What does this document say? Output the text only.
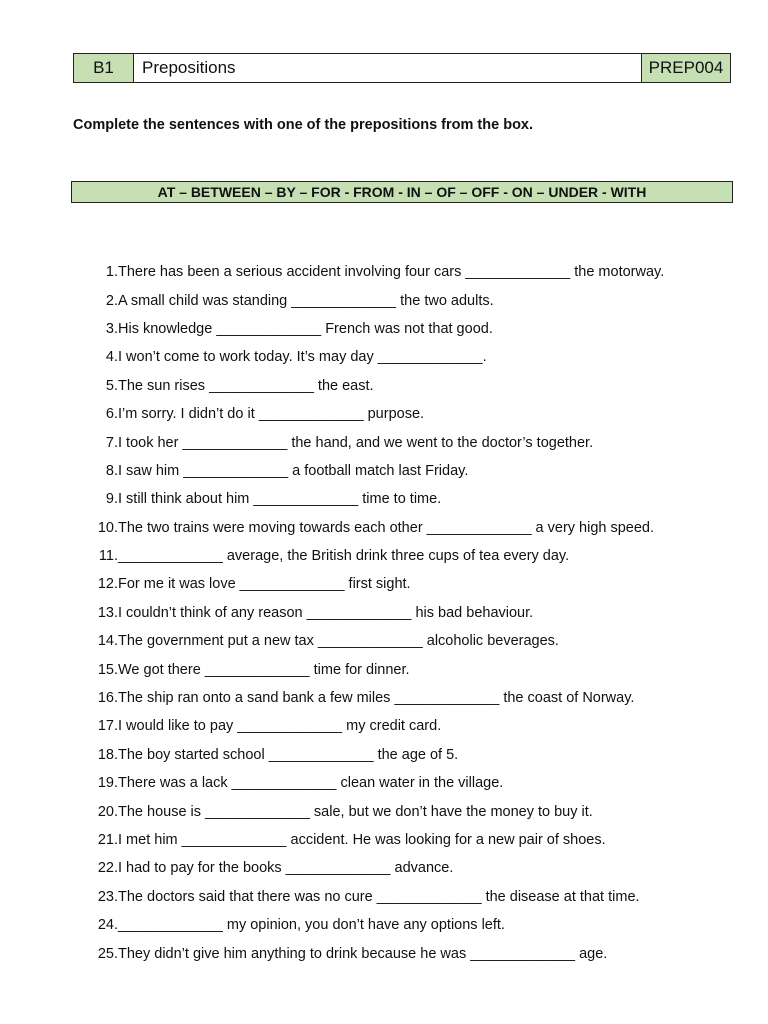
B1	Prepositions	PREP004
Complete the sentences with one of the prepositions from the box.
AT – BETWEEN – BY – FOR - FROM - IN – OF – OFF - ON – UNDER - WITH
1. There has been a serious accident involving four cars _____________ the motorway.
2. A small child was standing _____________ the two adults.
3. His knowledge _____________ French was not that good.
4. I won’t come to work today. It’s may day _____________.
5. The sun rises _____________ the east.
6. I’m sorry. I didn’t do it _____________ purpose.
7. I took her _____________ the hand, and we went to the doctor’s together.
8. I saw him _____________ a football match last Friday.
9. I still think about him _____________ time to time.
10. The two trains were moving towards each other _____________ a very high speed.
11. _____________ average, the British drink three cups of tea every day.
12. For me it was love _____________ first sight.
13. I couldn’t think of any reason _____________ his bad behaviour.
14. The government put a new tax _____________ alcoholic beverages.
15. We got there _____________ time for dinner.
16. The ship ran onto a sand bank a few miles _____________ the coast of Norway.
17. I would like to pay _____________ my credit card.
18. The boy started school _____________ the age of 5.
19. There was a lack _____________ clean water in the village.
20. The house is _____________ sale, but we don’t have the money to buy it.
21. I met him _____________ accident. He was looking for a new pair of shoes.
22. I had to pay for the books _____________ advance.
23. The doctors said that there was no cure _____________ the disease at that time.
24. _____________ my opinion, you don’t have any options left.
25. They didn’t give him anything to drink because he was _____________ age.
